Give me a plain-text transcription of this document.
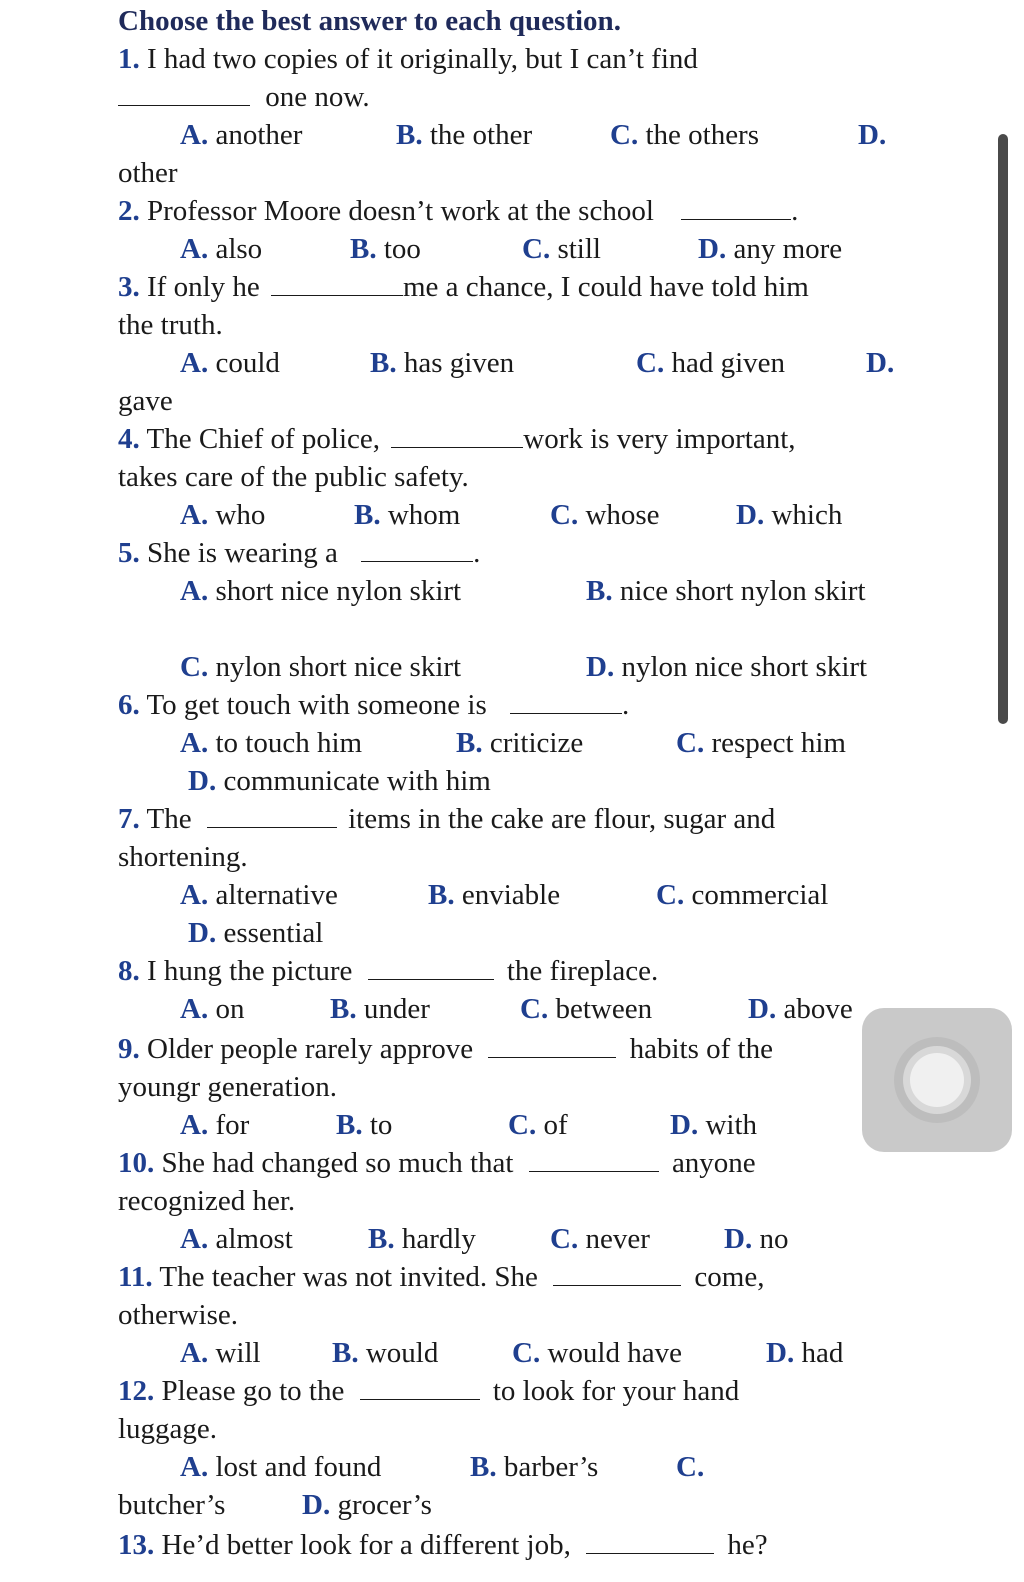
Choose the best answer to each question.
1. I had two copies of it originally, but I can’t find
one now.
A. another	B. the other	C. the others	D.
other
2. Professor Moore doesn’t work at the school	.
A. also	B. too	C. still	D. any more
3. If only he	me a chance, I could have told him
the truth.
A. could	B. has given	C. had given	D.
gave
4. The Chief of police,	work is very important,
takes care of the public safety.
A. who	B. whom	C. whose	D. which
5. She is wearing a	.
A. short nice nylon skirt	B. nice short nylon skirt
C. nylon short nice skirt	D. nylon nice short skirt
6. To get touch with someone is	.
A. to touch him	B. criticize	C. respect him
D. communicate with him
7. The	items in the cake are flour, sugar and
shortening.
A. alternative	B. enviable	C. commercial
D. essential
8. I hung the picture	the fireplace.
A. on	B. under	C. between	D. above
9. Older people rarely approve	habits of the
youngr generation.
A. for	B. to	C. of	D. with
10. She had changed so much that	anyone
recognized her.
A. almost	B. hardly	C. never	D. no
11. The teacher was not invited. She	come,
otherwise.
A. will B. would	C. would have	D. had
12. Please go to the	to look for your hand
luggage.
A. lost and found	B. barber’s	C.
butcher’s	D. grocer’s
13. He’d better look for a different job,	he?
